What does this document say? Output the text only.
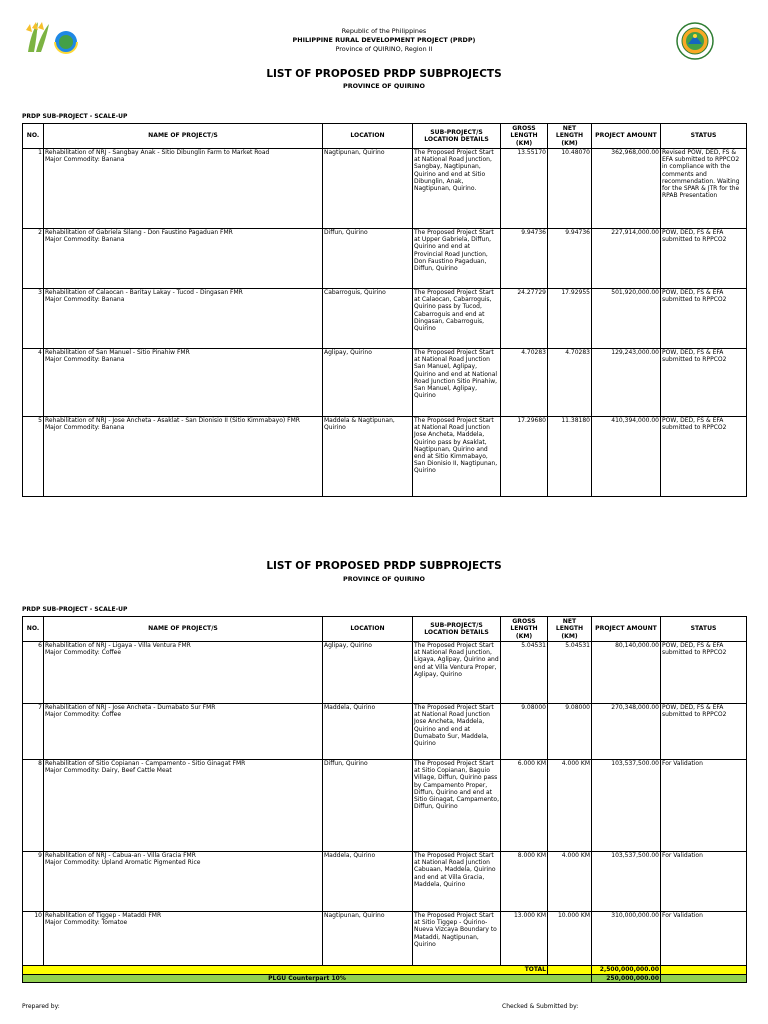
Republic of the Philippines
PHILIPPINE RURAL DEVELOPMENT PROJECT (PRDP)
Province of QUIRINO, Region II
LIST OF PROPOSED PRDP SUBPROJECTS
PROVINCE OF QUIRINO
PRDP SUB-PROJECT - SCALE-UP
NO.	NAME OF PROJECT/S	LOCATION	SUB-PROJECT/S LOCATION DETAILS	GROSS LENGTH (KM)	NET LENGTH (KM)	PROJECT AMOUNT	STATUS
1	Rehabilitation of NRJ - Sangbay Anak - Sitio Dibunglin Farm to Market Road
Major Commodity: Banana	Nagtipunan, Quirino	The Proposed Project Start at National Road Junction, Sangbay, Nagtipunan, Quirino and end at Sitio Dibunglin, Anak, Nagtipunan, Quirino.	13.55170	10.48070	362,968,000.00	Revised POW, DED, FS & EFA submitted to RPPCO2 in compliance with the comments and recommendation. Waiting for the SPAR & JTR for the RPAB Presentation
2	Rehabilitation of Gabriela Silang - Don Faustino Pagaduan FMR
Major Commodity: Banana	Diffun, Quirino	The Proposed Project Start at Upper Gabriela, Diffun, Quirino and end at Provincial Road Junction, Don Faustino Pagaduan, Diffun, Quirino	9.94736	9.94736	227,914,000.00	POW, DED, FS & EFA submitted to RPPCO2
3	Rehabilitation of Calaocan - Baritay Lakay - Tucod - Dingasan FMR
Major Commodity: Banana	Cabarroguis, Quirino	The Proposed Project Start at Calaocan, Cabarroguis, Quirino pass by Tucod, Cabarroguis and end at Dingasan, Cabarroguis, Quirino	24.27729	17.92955	501,920,000.00	POW, DED, FS & EFA submitted to RPPCO2
4	Rehabilitation of San Manuel - Sitio Pinahiw FMR
Major Commodity: Banana	Aglipay, Quirino	The Proposed Project Start at National Road Junction San Manuel, Aglipay, Quirino and end at National Road Junction Sitio Pinahiw, San Manuel, Aglipay, Quirino	4.70283	4.70283	129,243,000.00	POW, DED, FS & EFA submitted to RPPCO2
5	Rehabilitation of NRJ - Jose Ancheta - Asaklat - San Dionisio II (Sitio Kimmabayo) FMR
Major Commodity: Banana	Maddela & Nagtipunan, Quirino	The Proposed Project Start at National Road Junction Jose Ancheta, Maddela, Quirino pass by Asaklat, Nagtipunan, Quirino and end at Sitio Kimmabayo, San Dionisio II, Nagtipunan, Quirino	17.29680	11.38180	410,394,000.00	POW, DED, FS & EFA submitted to RPPCO2
LIST OF PROPOSED PRDP SUBPROJECTS
PROVINCE OF QUIRINO
PRDP SUB-PROJECT - SCALE-UP
NO.	NAME OF PROJECT/S	LOCATION	SUB-PROJECT/S LOCATION DETAILS	GROSS LENGTH (KM)	NET LENGTH (KM)	PROJECT AMOUNT	STATUS
6	Rehabilitation of NRJ - Ligaya - Villa Ventura FMR
Major Commodity: Coffee	Aglipay, Quirino	The Proposed Project Start at National Road Junction, Ligaya, Aglipay, Quirino and end at Villa Ventura Proper, Aglipay, Quirino	5.04531	5.04531	80,140,000.00	POW, DED, FS & EFA submitted to RPPCO2
7	Rehabilitation of NRJ - Jose Ancheta - Dumabato Sur FMR
Major Commodity: Coffee	Maddela, Quirino	The Proposed Project Start at National Road Junction Jose Ancheta, Maddela, Quirino and end at Dumabato Sur, Maddela, Quirino	9.08000	9.08000	270,348,000.00	POW, DED, FS & EFA submitted to RPPCO2
8	Rehabilitation of Sitio Copianan - Campamento - Sitio Ginagat FMR
Major Commodity: Dairy, Beef Cattle Meat	Diffun, Quirino	The Proposed Project Start at Sitio Copianan, Baguio Village, Diffun, Quirino pass by Campamento Proper, Diffun, Quirino and end at Sitio Ginagat, Campamento, Diffun, Quirino	6.000 KM	4.000 KM	103,537,500.00	For Validation
9	Rehabilitation of NRJ - Cabua-an - Villa Gracia FMR
Major Commodity: Upland Aromatic Pigmented Rice	Maddela, Quirino	The Proposed Project Start at National Road Junction Cabuaan, Maddela, Quirino and end at Villa Gracia, Maddela, Quirino	8.000 KM	4.000 KM	103,537,500.00	For Validation
10	Rehabilitation of Tiggep - Mataddi FMR
Major Commodity: Tomatoe	Nagtipunan, Quirino	The Proposed Project Start at Sitio Tiggep - Quirino-Nueva Vizcaya Boundary to Mataddi, Nagtipunan, Quirino	13.000 KM	10.000 KM	310,000,000.00	For Validation
TOTAL						2,500,000,000.00	
PLGU Counterpart 10%						250,000,000.00	
Prepared by:	Checked & Submitted by:
